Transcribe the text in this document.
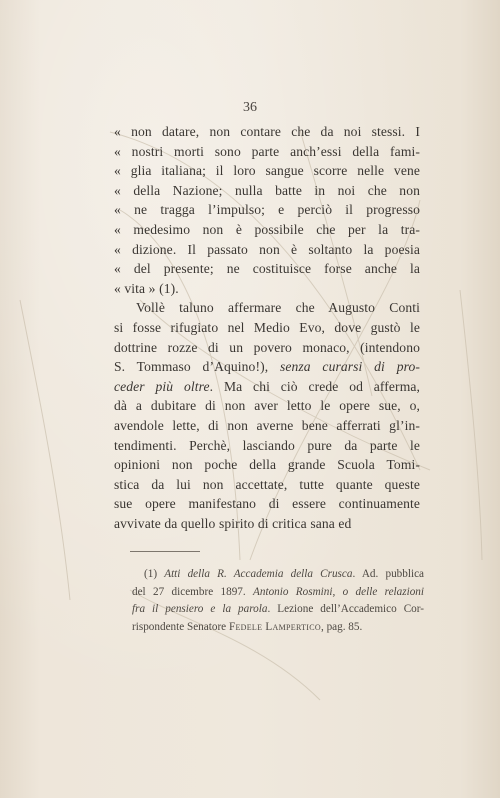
36
« non datare, non contare che da noi stessi. I
« nostri morti sono parte anch’essi della fami-
« glia italiana; il loro sangue scorre nelle vene
« della Nazione; nulla batte in noi che non
« ne tragga l’impulso; e perciò il progresso
« medesimo non è possibile che per la tra-
« dizione. Il passato non è soltanto la poesia
« del presente; ne costituisce forse anche la
« vita » (1).
Vollè taluno affermare che Augusto Conti
si fosse rifugiato nel Medio Evo, dove gustò le
dottrine rozze di un povero monaco, (intendono
S. Tommaso d’Aquino!), senza curarsi di pro-
ceder più oltre. Ma chi ciò crede od afferma,
dà a dubitare di non aver letto le opere sue, o,
avendole lette, di non averne bene afferrati gl’in-
tendimenti. Perchè, lasciando pure da parte le
opinioni non poche della grande Scuola Tomi-
stica da lui non accettate, tutte quante queste
sue opere manifestano di essere continuamente
avvivate da quello spirito di critica sana ed
(1) Atti della R. Accademia della Crusca. Ad. pubblica
del 27 dicembre 1897. Antonio Rosmini, o delle relazioni
fra il pensiero e la parola. Lezione dell’Accademico Cor-
rispondente Senatore Fedele Lampertico, pag. 85.
